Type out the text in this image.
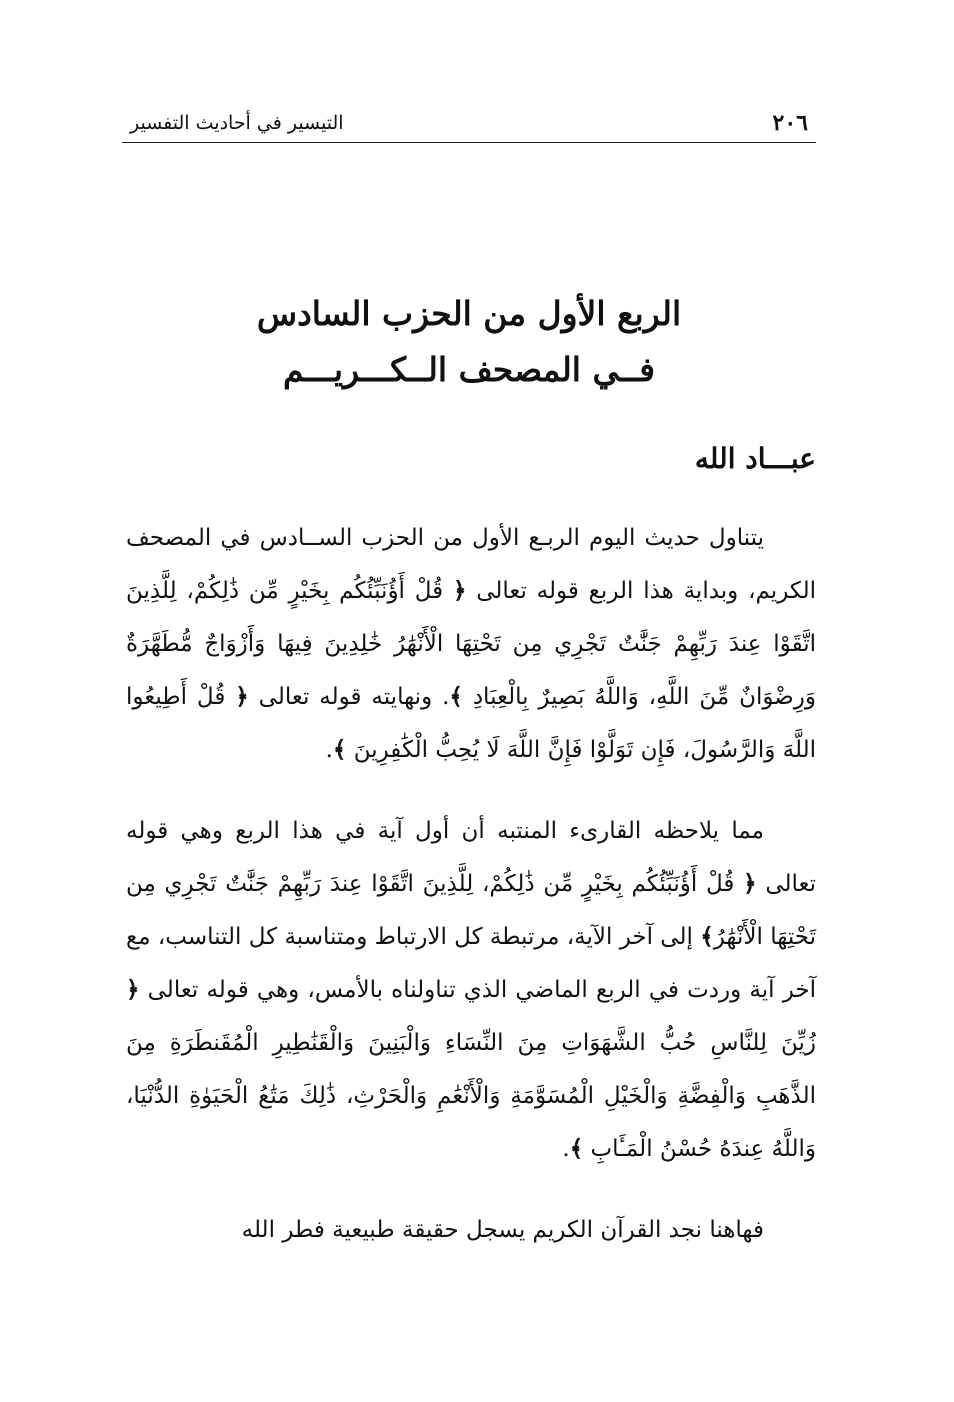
٢٠٦
التيسير في أحاديث التفسير
الربع الأول من الحزب السادس
فــي المصحف الــكـــريـــم
عبـــاد الله

يتناول حديث اليوم الربـع الأول من الحزب الســادس في المصحف الكريم، وبداية هذا الربع قوله تعالى ﴿ قُلْ أَؤُنَبِّئُكُم بِخَيْرٍ مِّن ذَٰلِكُمْ، لِلَّذِينَ اتَّقَوْا عِندَ رَبِّهِمْ جَنَّٰتٌ تَجْرِي مِن تَحْتِهَا الْأَنْهَٰرُ خَٰلِدِينَ فِيهَا وَأَزْوَاجٌ مُّطَهَّرَةٌ وَرِضْوَانٌ مِّنَ اللَّهِ، وَاللَّهُ بَصِيرٌ بِالْعِبَادِ ﴾. ونهايته قوله تعالى ﴿ قُلْ أَطِيعُوا اللَّهَ وَالرَّسُولَ، فَإِن تَوَلَّوْا فَإِنَّ اللَّهَ لَا يُحِبُّ الْكَٰفِرِينَ ﴾.

مما يلاحظه القارىء المنتبه أن أول آية في هذا الربع وهي قوله تعالى ﴿ قُلْ أَؤُنَبِّئُكُم بِخَيْرٍ مِّن ذَٰلِكُمْ، لِلَّذِينَ اتَّقَوْا عِندَ رَبِّهِمْ جَنَّٰتٌ تَجْرِي مِن تَحْتِهَا الْأَنْهَٰرُ﴾ إلى آخر الآية، مرتبطة كل الارتباط ومتناسبة كل التناسب، مع آخر آية وردت في الربع الماضي الذي تناولناه بالأمس، وهي قوله تعالى ﴿ زُيِّنَ لِلنَّاسِ حُبُّ الشَّهَوَاتِ مِنَ النِّسَاءِ وَالْبَنِينَ وَالْقَنَٰطِيرِ الْمُقَنطَرَةِ مِنَ الذَّهَبِ وَالْفِضَّةِ وَالْخَيْلِ الْمُسَوَّمَةِ وَالْأَنْعَٰمِ وَالْحَرْثِ، ذَٰلِكَ مَتَٰعُ الْحَيَوٰةِ الدُّنْيَا، وَاللَّهُ عِندَهُ حُسْنُ الْمَـَٔابِ ﴾.

فهاهنا نجد القرآن الكريم يسجل حقيقة طبيعية فطر الله
